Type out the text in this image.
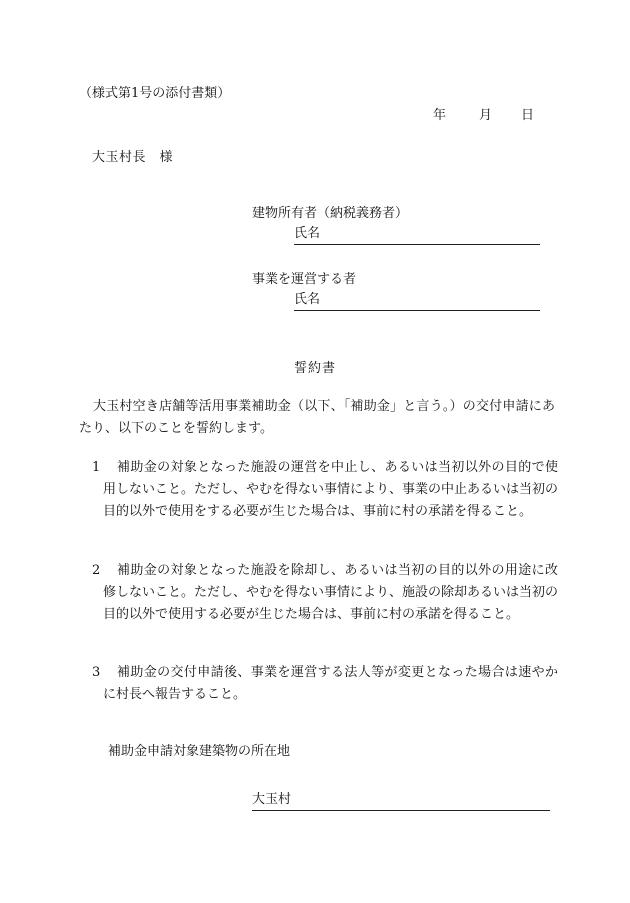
（様式第1号の添付書類）
年	月 日
大玉村長　様
建物所有者（納税義務者）
氏名
事業を運営する者
氏名
誓約書

大玉村空き店舗等活用事業補助金（以下、「補助金」と言う。）の交付申請にあたり、以下のことを誓約します。

1	補助金の対象となった施設の運営を中止し、あるいは当初以外の目的で使用しないこと。ただし、やむを得ない事情により、事業の中止あるいは当初の目的以外で使用をする必要が生じた場合は、事前に村の承諾を得ること。
2	補助金の対象となった施設を除却し、あるいは当初の目的以外の用途に改修しないこと。ただし、やむを得ない事情により、施設の除却あるいは当初の目的以外で使用する必要が生じた場合は、事前に村の承諾を得ること。
3	補助金の交付申請後、事業を運営する法人等が変更となった場合は速やかに村長へ報告すること。
補助金申請対象建築物の所在地
大玉村
